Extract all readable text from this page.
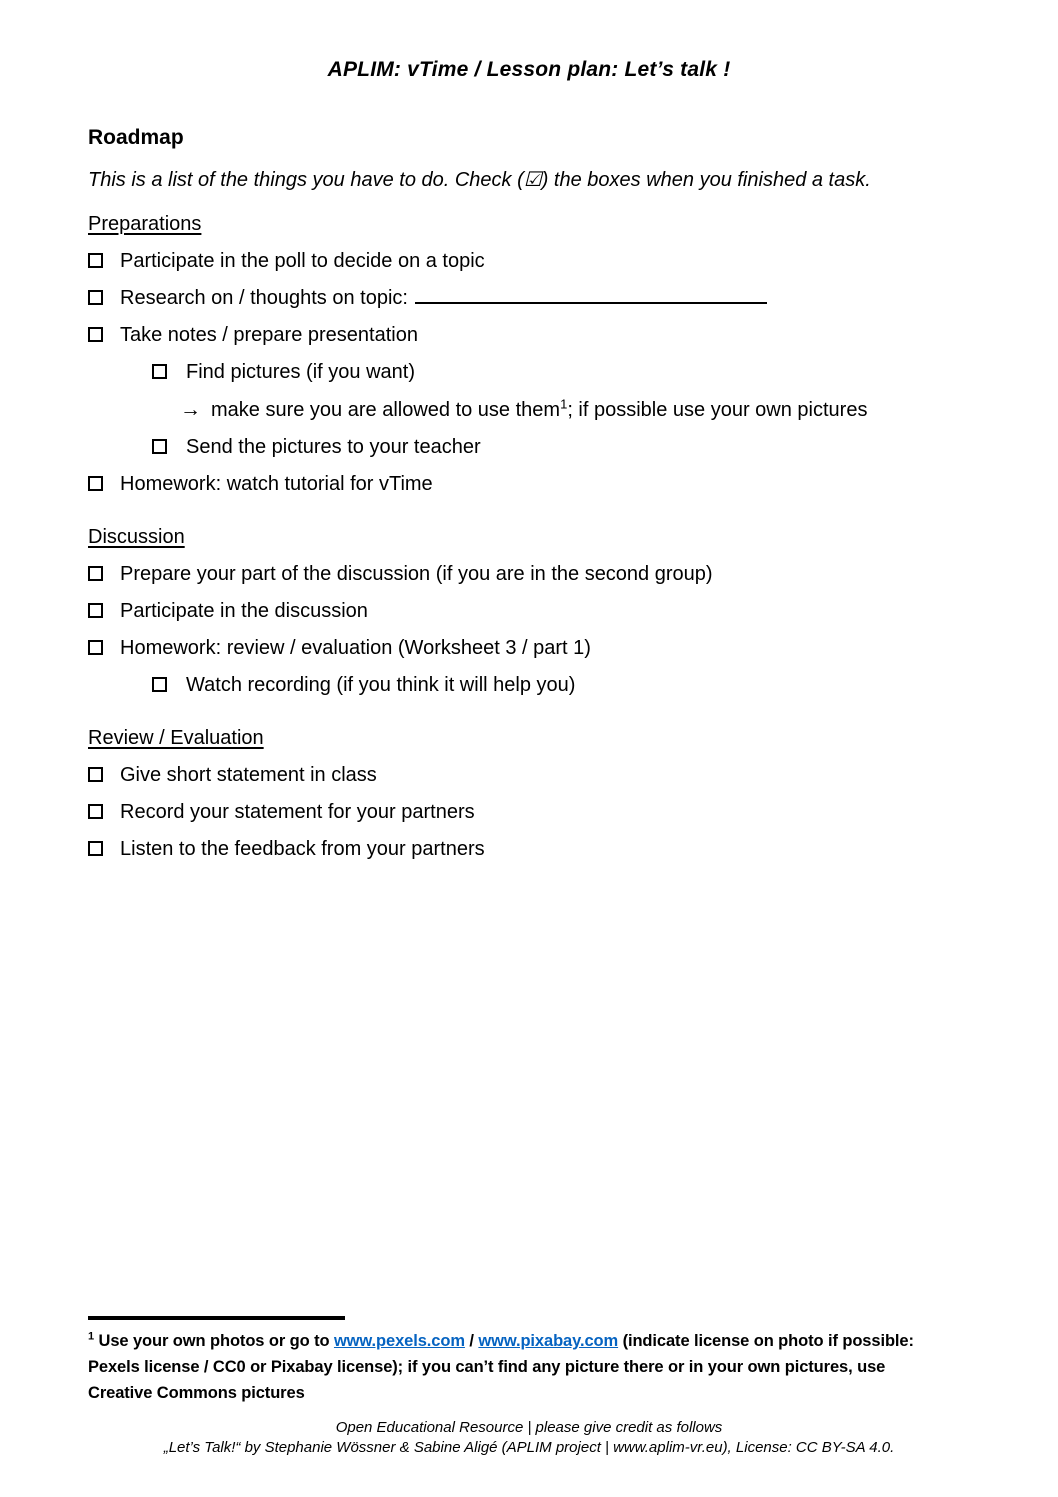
APLIM: vTime / Lesson plan: Let’s talk !
Roadmap

This is a list of the things you have to do. Check (☑) the boxes when you finished a task.

Preparations
Participate in the poll to decide on a topic
Research on / thoughts on topic:
Take notes / prepare presentation
Find pictures (if you want)
→ make sure you are allowed to use them$^1$; if possible use your own pictures
Send the pictures to your teacher
Homework: watch tutorial for vTime
Discussion
Prepare your part of the discussion (if you are in the second group)
Participate in the discussion
Homework: review / evaluation (Worksheet 3 / part 1)
Watch recording (if you think it will help you)
Review / Evaluation
Give short statement in class
Record your statement for your partners
Listen to the feedback from your partners

$^1$ Use your own photos or go to www.pexels.com / www.pixabay.com (indicate license on photo if possible: Pexels license / CC0 or Pixabay license); if you can’t find any picture there or in your own pictures, use Creative Commons pictures

Open Educational Resource | please give credit as follows

„Let’s Talk!“ by Stephanie Wössner & Sabine Aligé (APLIM project | www.aplim-vr.eu), License: CC BY-SA 4.0.
